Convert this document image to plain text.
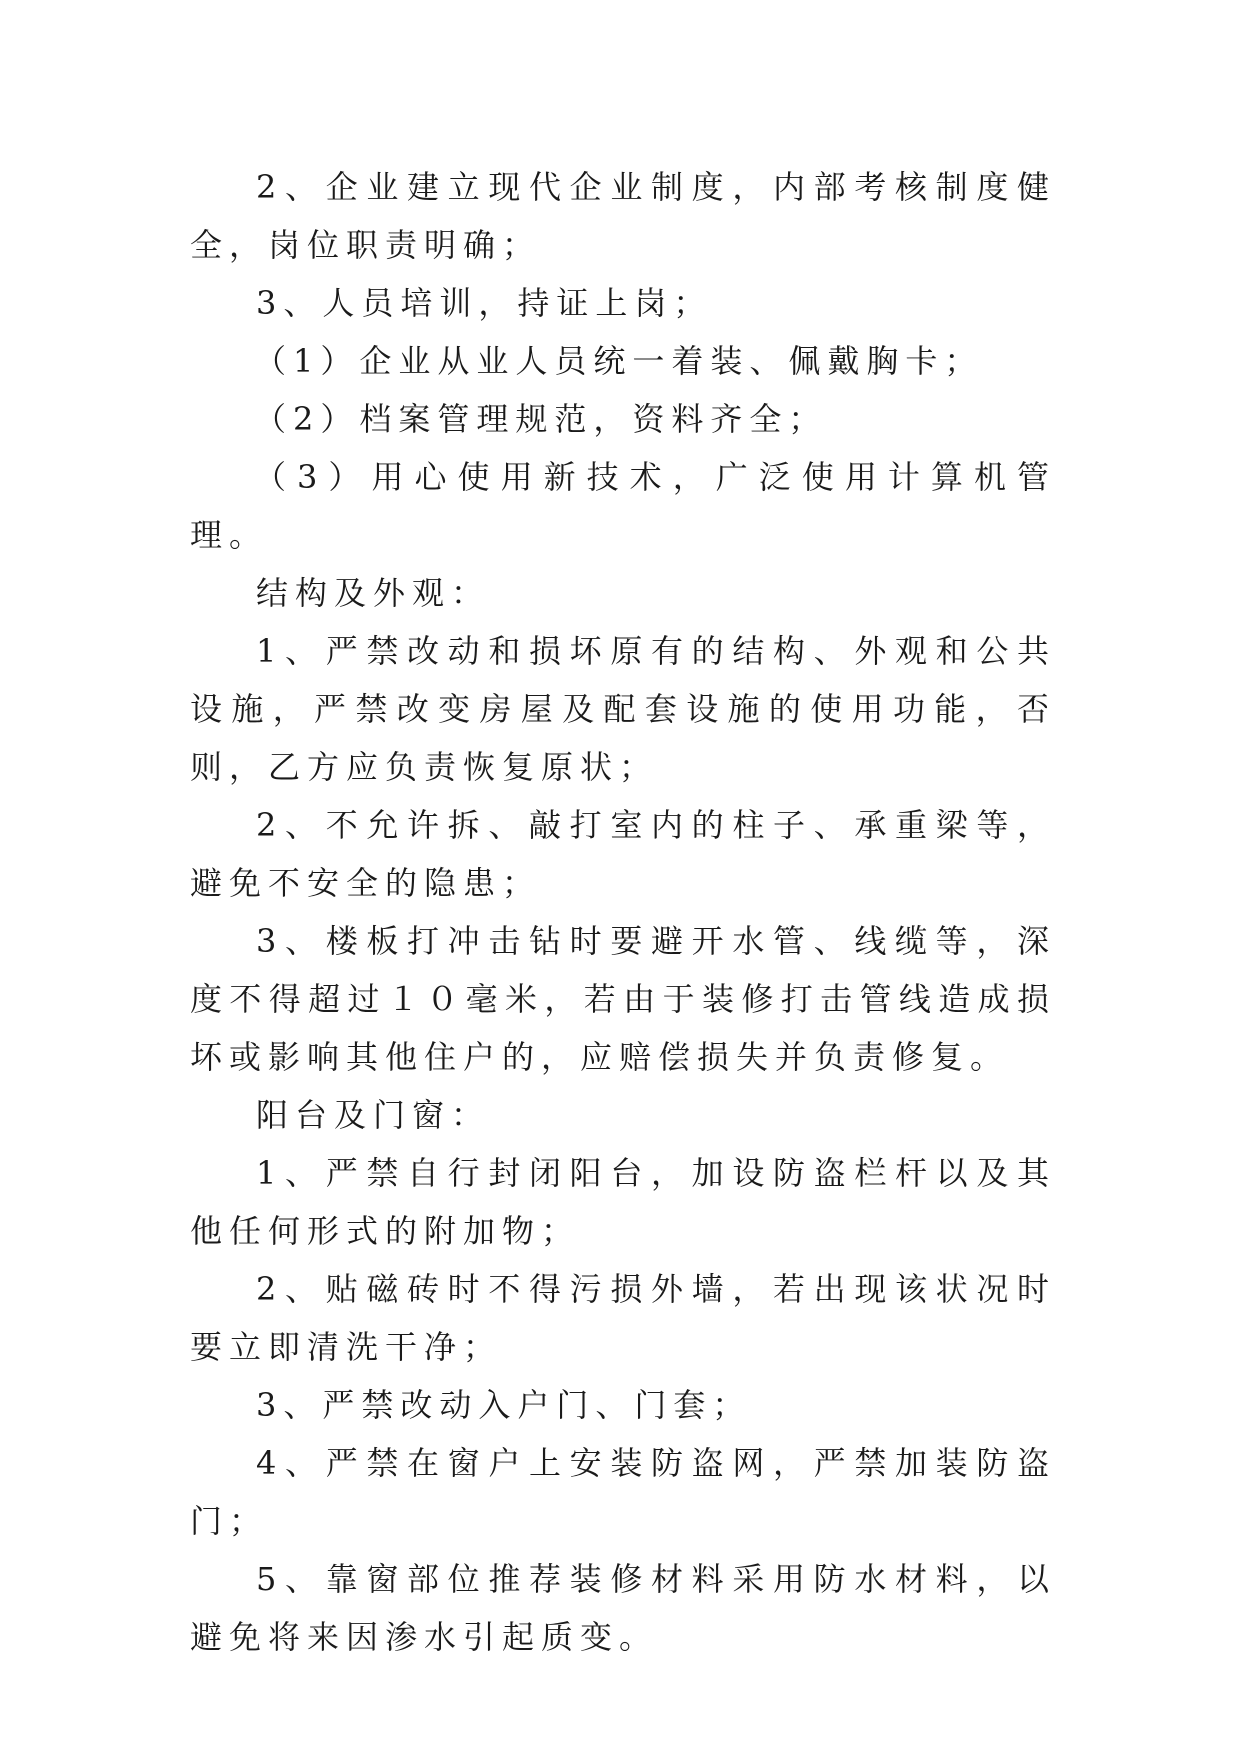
2、企业建立现代企业制度，内部考核制度健全，岗位职责明确；

3、人员培训，持证上岗；

（1）企业从业人员统一着装、佩戴胸卡；

（2）档案管理规范，资料齐全；

（3）用心使用新技术，广泛使用计算机管理。

结构及外观：

1、严禁改动和损坏原有的结构、外观和公共设施，严禁改变房屋及配套设施的使用功能，否则，乙方应负责恢复原状；

2、不允许拆、敲打室内的柱子、承重梁等，避免不安全的隐患；

3、楼板打冲击钻时要避开水管、线缆等，深度不得超过１０毫米，若由于装修打击管线造成损坏或影响其他住户的，应赔偿损失并负责修复。

阳台及门窗：

1、严禁自行封闭阳台，加设防盗栏杆以及其他任何形式的附加物；

2、贴磁砖时不得污损外墙，若出现该状况时要立即清洗干净；

3、严禁改动入户门、门套；

4、严禁在窗户上安装防盗网，严禁加装防盗门；

5、靠窗部位推荐装修材料采用防水材料，以避免将来因渗水引起质变。
